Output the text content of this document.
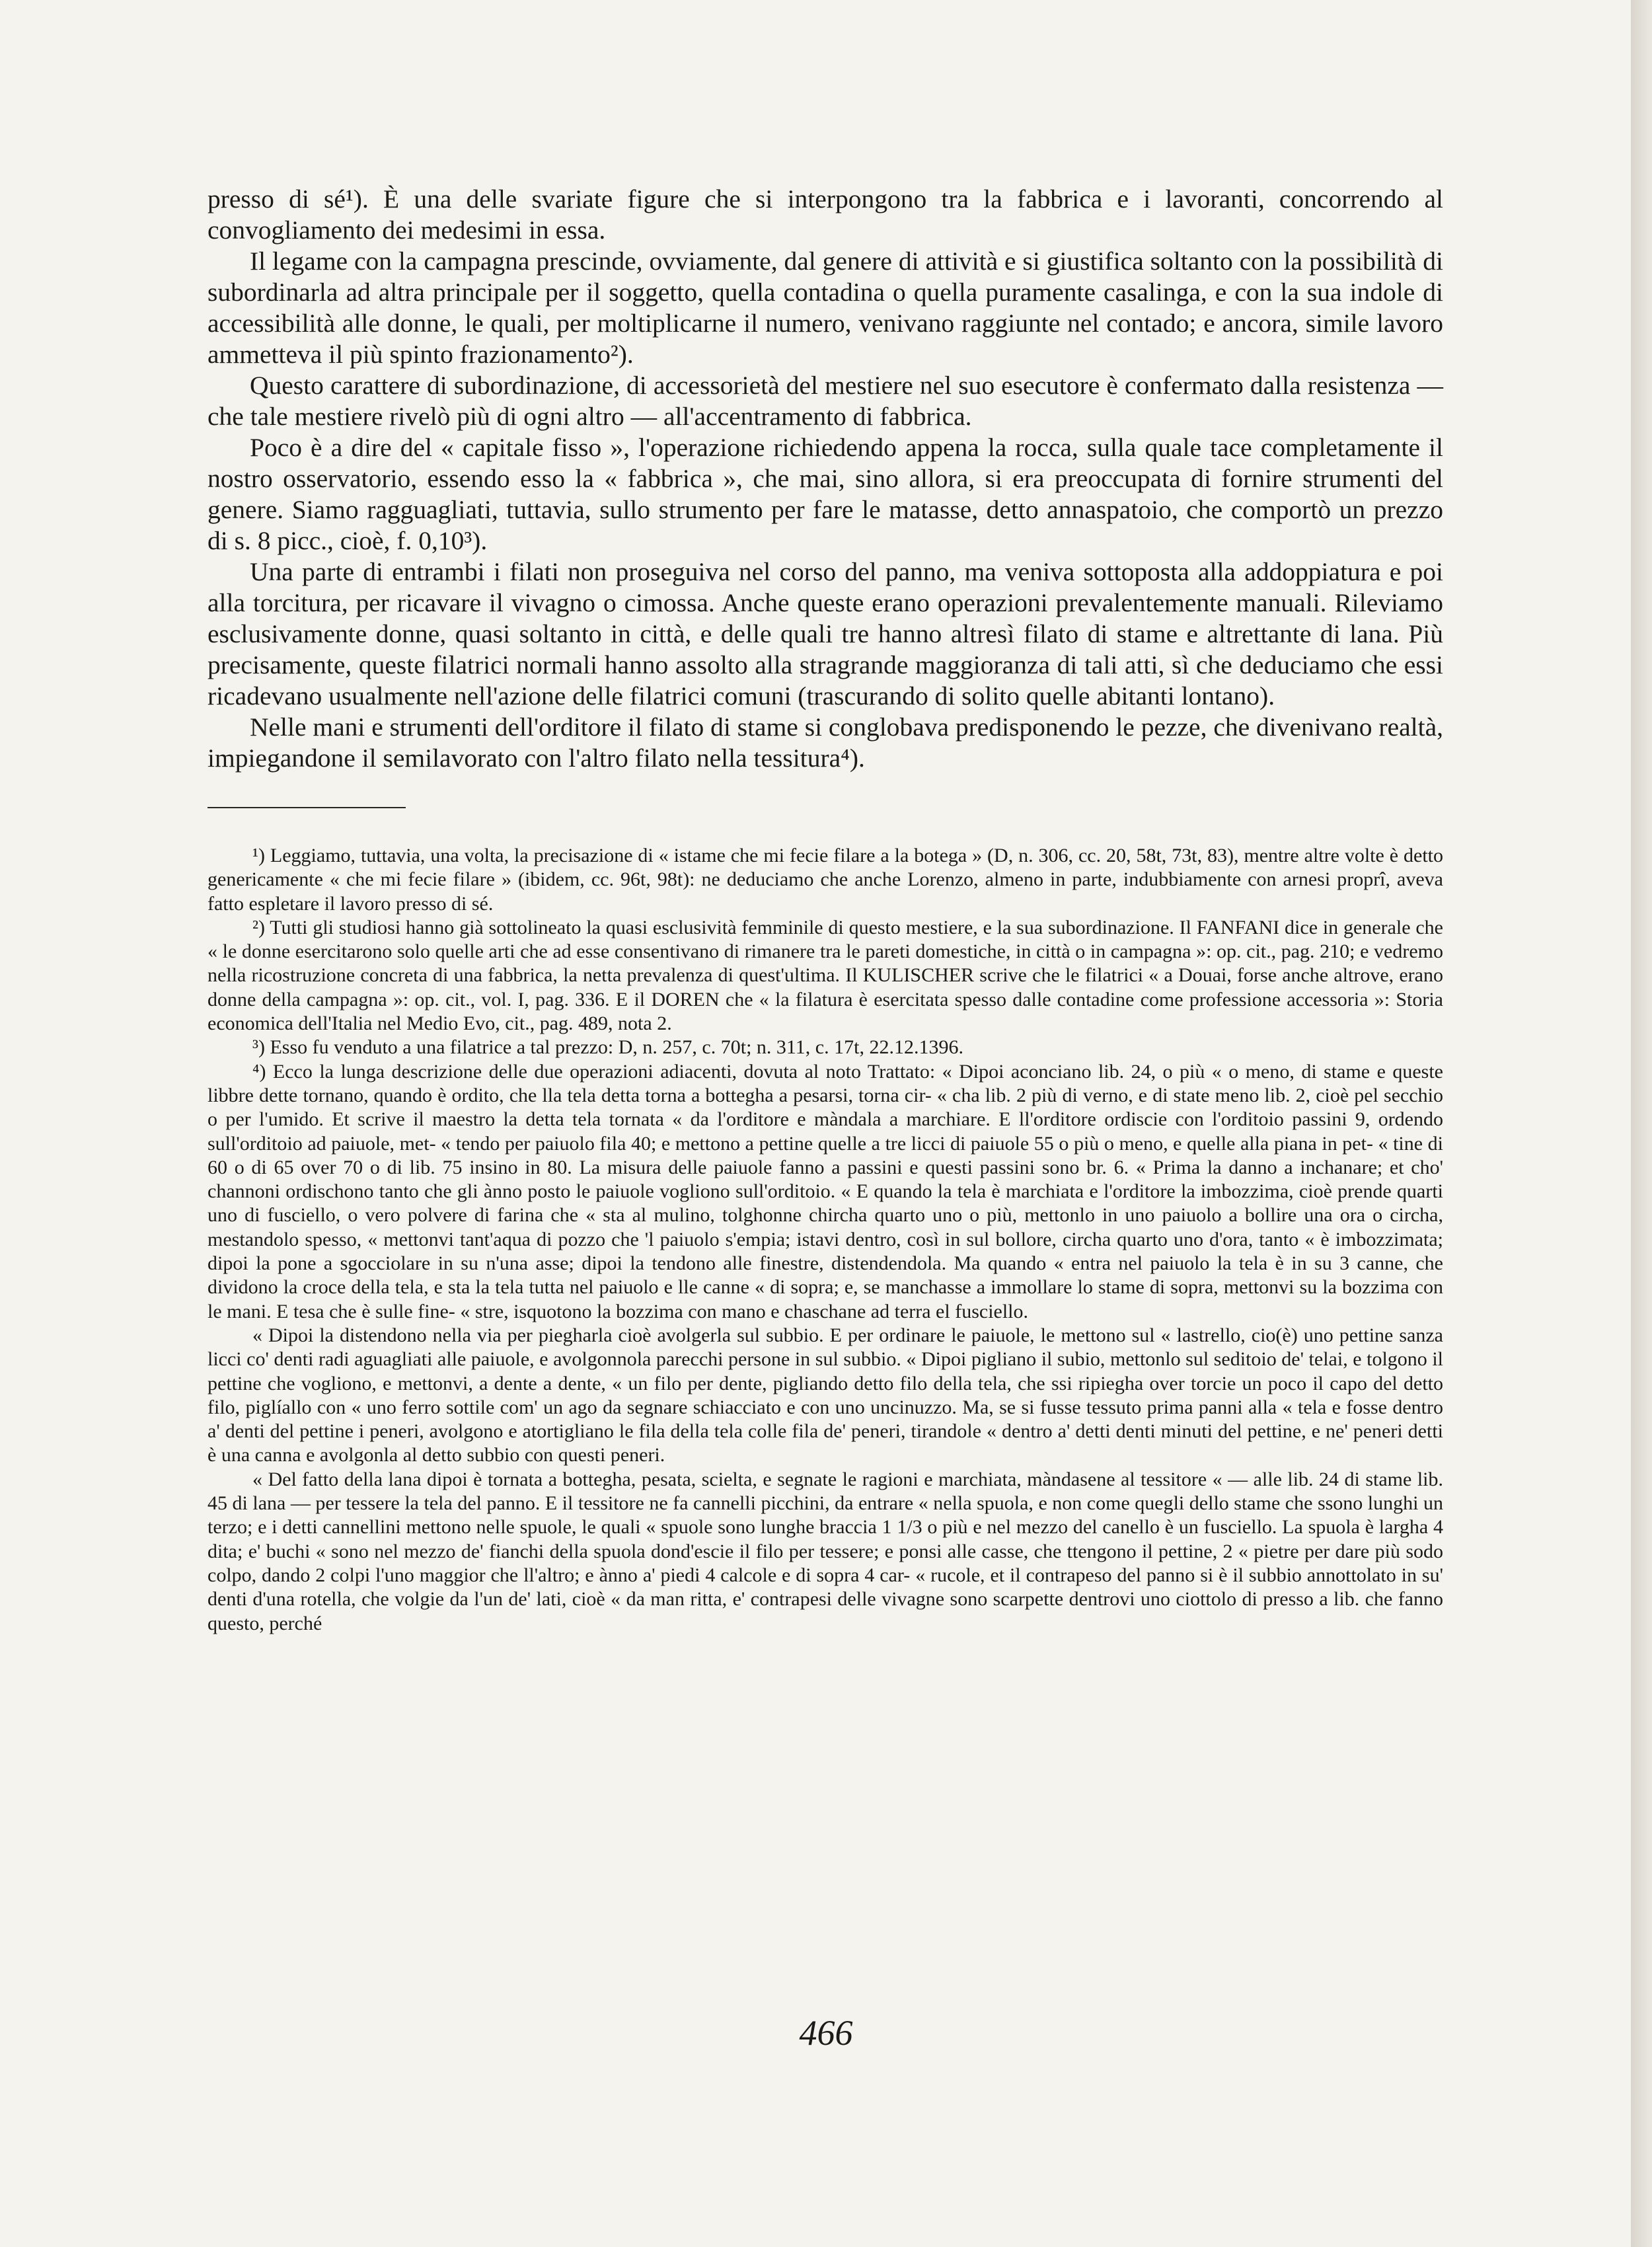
presso di sé¹). È una delle svariate figure che si interpongono tra la fabbrica e i lavoranti, concorrendo al convogliamento dei medesimi in essa.

Il legame con la campagna prescinde, ovviamente, dal genere di attività e si giustifica soltanto con la possibilità di subordinarla ad altra principale per il soggetto, quella contadina o quella puramente casalinga, e con la sua indole di accessibilità alle donne, le quali, per moltiplicarne il numero, venivano raggiunte nel contado; e ancora, simile lavoro ammetteva il più spinto frazionamento²).

Questo carattere di subordinazione, di accessorietà del mestiere nel suo esecutore è confermato dalla resistenza — che tale mestiere rivelò più di ogni altro — all'accentramento di fabbrica.

Poco è a dire del « capitale fisso », l'operazione richiedendo appena la rocca, sulla quale tace completamente il nostro osservatorio, essendo esso la « fabbrica », che mai, sino allora, si era preoccupata di fornire strumenti del genere. Siamo ragguagliati, tuttavia, sullo strumento per fare le matasse, detto annaspatoio, che comportò un prezzo di s. 8 picc., cioè, f. 0,10³).

Una parte di entrambi i filati non proseguiva nel corso del panno, ma veniva sottoposta alla addoppiatura e poi alla torcitura, per ricavare il vivagno o cimossa. Anche queste erano operazioni prevalentemente manuali. Rileviamo esclusivamente donne, quasi soltanto in città, e delle quali tre hanno altresì filato di stame e altrettante di lana. Più precisamente, queste filatrici normali hanno assolto alla stragrande maggioranza di tali atti, sì che deduciamo che essi ricadevano usualmente nell'azione delle filatrici comuni (trascurando di solito quelle abitanti lontano).

Nelle mani e strumenti dell'orditore il filato di stame si conglobava predisponendo le pezze, che divenivano realtà, impiegandone il semilavorato con l'altro filato nella tessitura⁴).

¹) Leggiamo, tuttavia, una volta, la precisazione di « istame che mi fecie filare a la botega » (D, n. 306, cc. 20, 58t, 73t, 83), mentre altre volte è detto genericamente « che mi fecie filare » (ibidem, cc. 96t, 98t): ne deduciamo che anche Lorenzo, almeno in parte, indubbiamente con arnesi proprî, aveva fatto espletare il lavoro presso di sé.

²) Tutti gli studiosi hanno già sottolineato la quasi esclusività femminile di questo mestiere, e la sua subordinazione. Il FANFANI dice in generale che « le donne esercitarono solo quelle arti che ad esse consentivano di rimanere tra le pareti domestiche, in città o in campagna »: op. cit., pag. 210; e vedremo nella ricostruzione concreta di una fabbrica, la netta prevalenza di quest'ultima. Il KULISCHER scrive che le filatrici « a Douai, forse anche altrove, erano donne della campagna »: op. cit., vol. I, pag. 336. E il DOREN che « la filatura è esercitata spesso dalle contadine come professione accessoria »: Storia economica dell'Italia nel Medio Evo, cit., pag. 489, nota 2.

³) Esso fu venduto a una filatrice a tal prezzo: D, n. 257, c. 70t; n. 311, c. 17t, 22.12.1396.

⁴) Ecco la lunga descrizione delle due operazioni adiacenti, dovuta al noto Trattato: « Dipoi aconciano lib. 24, o più « o meno, di stame e queste libbre dette tornano, quando è ordito, che lla tela detta torna a bottegha a pesarsi, torna cir- « cha lib. 2 più di verno, e di state meno lib. 2, cioè pel secchio o per l'umido. Et scrive il maestro la detta tela tornata « da l'orditore e màndala a marchiare. E ll'orditore ordiscie con l'orditoio passini 9, ordendo sull'orditoio ad paiuole, met- « tendo per paiuolo fila 40; e mettono a pettine quelle a tre licci di paiuole 55 o più o meno, e quelle alla piana in pet- « tine di 60 o di 65 over 70 o di lib. 75 insino in 80. La misura delle paiuole fanno a passini e questi passini sono br. 6. « Prima la danno a inchanare; et cho' channoni ordischono tanto che gli ànno posto le paiuole vogliono sull'orditoio. « E quando la tela è marchiata e l'orditore la imbozzima, cioè prende quarti uno di fusciello, o vero polvere di farina che « sta al mulino, tolghonne chircha quarto uno o più, mettonlo in uno paiuolo a bollire una ora o circha, mestandolo spesso, « mettonvi tant'aqua di pozzo che 'l paiuolo s'empia; istavi dentro, così in sul bollore, circha quarto uno d'ora, tanto « è imbozzimata; dipoi la pone a sgocciolare in su n'una asse; dipoi la tendono alle finestre, distendendola. Ma quando « entra nel paiuolo la tela è in su 3 canne, che dividono la croce della tela, e sta la tela tutta nel paiuolo e lle canne « di sopra; e, se manchasse a immollare lo stame di sopra, mettonvi su la bozzima con le mani. E tesa che è sulle fine- « stre, isquotono la bozzima con mano e chaschane ad terra el fusciello.

« Dipoi la distendono nella via per piegharla cioè avolgerla sul subbio. E per ordinare le paiuole, le mettono sul « lastrello, cio(è) uno pettine sanza licci co' denti radi aguagliati alle paiuole, e avolgonnola parecchi persone in sul subbio. « Dipoi pigliano il subio, mettonlo sul seditoio de' telai, e tolgono il pettine che vogliono, e mettonvi, a dente a dente, « un filo per dente, pigliando detto filo della tela, che ssi ripiegha over torcie un poco il capo del detto filo, piglíallo con « uno ferro sottile com' un ago da segnare schiacciato e con uno uncinuzzo. Ma, se si fusse tessuto prima panni alla « tela e fosse dentro a' denti del pettine i peneri, avolgono e atortigliano le fila della tela colle fila de' peneri, tirandole « dentro a' detti denti minuti del pettine, e ne' peneri detti è una canna e avolgonla al detto subbio con questi peneri.

« Del fatto della lana dipoi è tornata a bottegha, pesata, scielta, e segnate le ragioni e marchiata, màndasene al tessitore « — alle lib. 24 di stame lib. 45 di lana — per tessere la tela del panno. E il tessitore ne fa cannelli picchini, da entrare « nella spuola, e non come quegli dello stame che ssono lunghi un terzo; e i detti cannellini mettono nelle spuole, le quali « spuole sono lunghe braccia 1 1/3 o più e nel mezzo del canello è un fusciello. La spuola è largha 4 dita; e' buchi « sono nel mezzo de' fianchi della spuola dond'escie il filo per tessere; e ponsi alle casse, che ttengono il pettine, 2 « pietre per dare più sodo colpo, dando 2 colpi l'uno maggior che ll'altro; e ànno a' piedi 4 calcole e di sopra 4 car- « rucole, et il contrapeso del panno si è il subbio annottolato in su' denti d'una rotella, che volgie da l'un de' lati, cioè « da man ritta, e' contrapesi delle vivagne sono scarpette dentrovi uno ciottolo di presso a lib. che fanno questo, perché

466
